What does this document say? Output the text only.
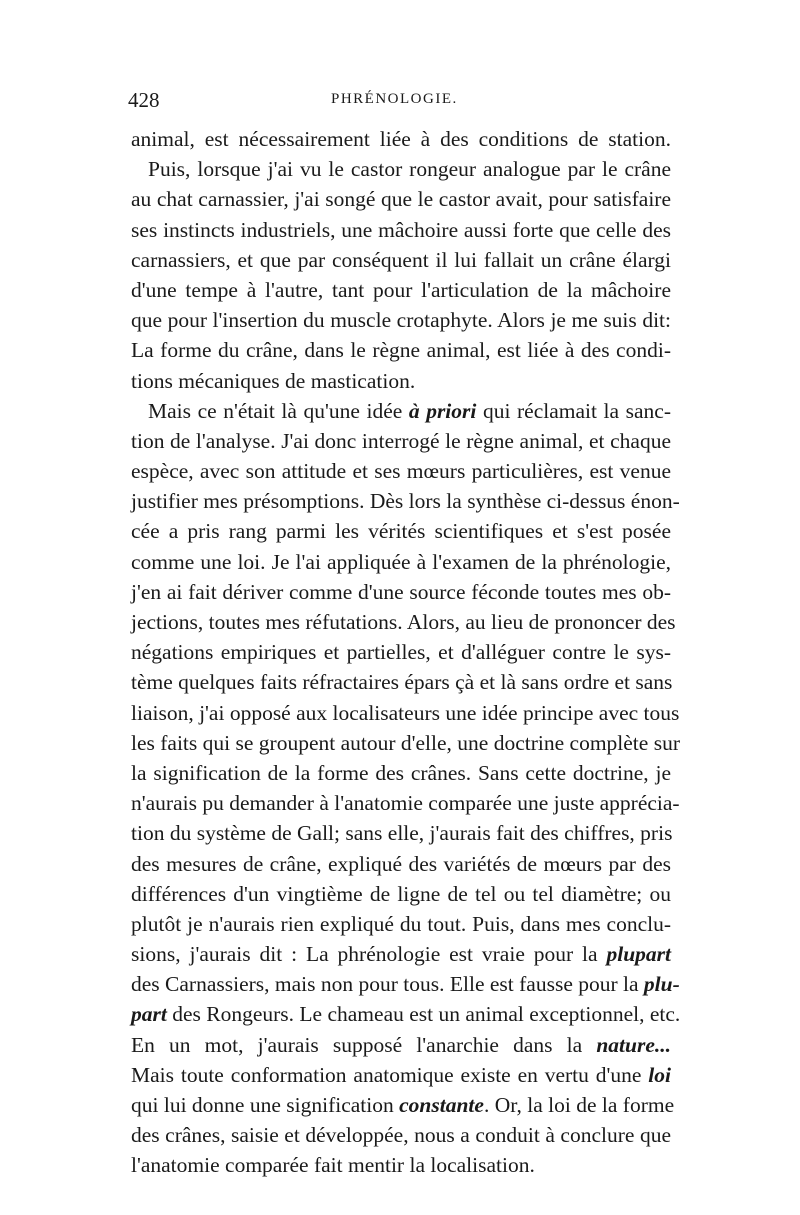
428	PHRÉNOLOGIE.
animal, est nécessairement liée à des conditions de station.
Puis, lorsque j'ai vu le castor rongeur analogue par le crâne
au chat carnassier, j'ai songé que le castor avait, pour satisfaire
ses instincts industriels, une mâchoire aussi forte que celle des
carnassiers, et que par conséquent il lui fallait un crâne élargi
d'une tempe à l'autre, tant pour l'articulation de la mâchoire
que pour l'insertion du muscle crotaphyte. Alors je me suis dit:
La forme du crâne, dans le règne animal, est liée à des condi-
tions mécaniques de mastication.
Mais ce n'était là qu'une idée à priori qui réclamait la sanc-
tion de l'analyse. J'ai donc interrogé le règne animal, et chaque
espèce, avec son attitude et ses mœurs particulières, est venue
justifier mes présomptions. Dès lors la synthèse ci-dessus énon-
cée a pris rang parmi les vérités scientifiques et s'est posée
comme une loi. Je l'ai appliquée à l'examen de la phrénologie,
j'en ai fait dériver comme d'une source féconde toutes mes ob-
jections, toutes mes réfutations. Alors, au lieu de prononcer des
négations empiriques et partielles, et d'alléguer contre le sys-
tème quelques faits réfractaires épars çà et là sans ordre et sans
liaison, j'ai opposé aux localisateurs une idée principe avec tous
les faits qui se groupent autour d'elle, une doctrine complète sur
la signification de la forme des crânes. Sans cette doctrine, je
n'aurais pu demander à l'anatomie comparée une juste apprécia-
tion du système de Gall; sans elle, j'aurais fait des chiffres, pris
des mesures de crâne, expliqué des variétés de mœurs par des
différences d'un vingtième de ligne de tel ou tel diamètre; ou
plutôt je n'aurais rien expliqué du tout. Puis, dans mes conclu-
sions, j'aurais dit : La phrénologie est vraie pour la plupart
des Carnassiers, mais non pour tous. Elle est fausse pour la plu-
part des Rongeurs. Le chameau est un animal exceptionnel, etc.
En un mot, j'aurais supposé l'anarchie dans la nature...
Mais toute conformation anatomique existe en vertu d'une loi
qui lui donne une signification constante. Or, la loi de la forme
des crânes, saisie et développée, nous a conduit à conclure que
l'anatomie comparée fait mentir la localisation.
